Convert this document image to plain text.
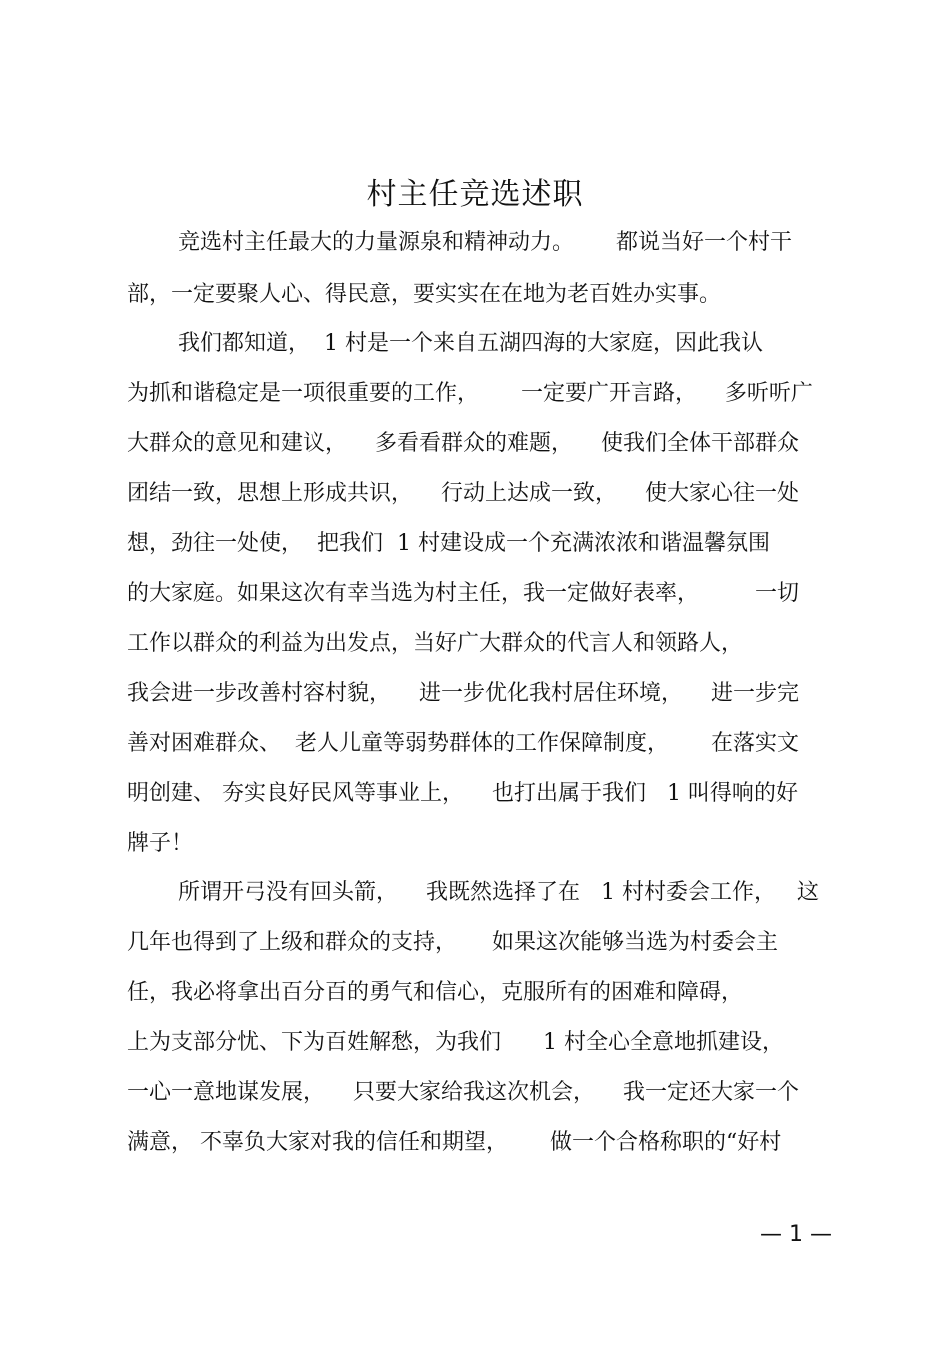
村主任竞选述职

竞选村主任最大的力量源泉和精神动力。      都说当好一个村干

部，一定要聚人心、得民意，要实实在在地为老百姓办实事。

我们都知道，  1 村是一个来自五湖四海的大家庭，因此我认

为抓和谐稳定是一项很重要的工作，      一定要广开言路，    多听听广

大群众的意见和建议，    多看看群众的难题，    使我们全体干部群众

团结一致，思想上形成共识，    行动上达成一致，    使大家心往一处

想，劲往一处使，  把我们  1 村建设成一个充满浓浓和谐温馨氛围

的大家庭。如果这次有幸当选为村主任，我一定做好表率，        一切

工作以群众的利益为出发点，当好广大群众的代言人和领路人，

我会进一步改善村容村貌，    进一步优化我村居住环境，    进一步完

善对困难群众、  老人儿童等弱势群体的工作保障制度，      在落实文

明创建、 夯实良好民风等事业上，    也打出属于我们   1 叫得响的好

牌子！

所谓开弓没有回头箭，    我既然选择了在   1 村村委会工作，   这

几年也得到了上级和群众的支持，     如果这次能够当选为村委会主

任，我必将拿出百分百的勇气和信心，克服所有的困难和障碍，

上为支部分忧、下为百姓解愁，为我们      1 村全心全意地抓建设，

一心一意地谋发展，    只要大家给我这次机会，    我一定还大家一个

满意， 不辜负大家对我的信任和期望，      做一个合格称职的“好村

— 1 —
